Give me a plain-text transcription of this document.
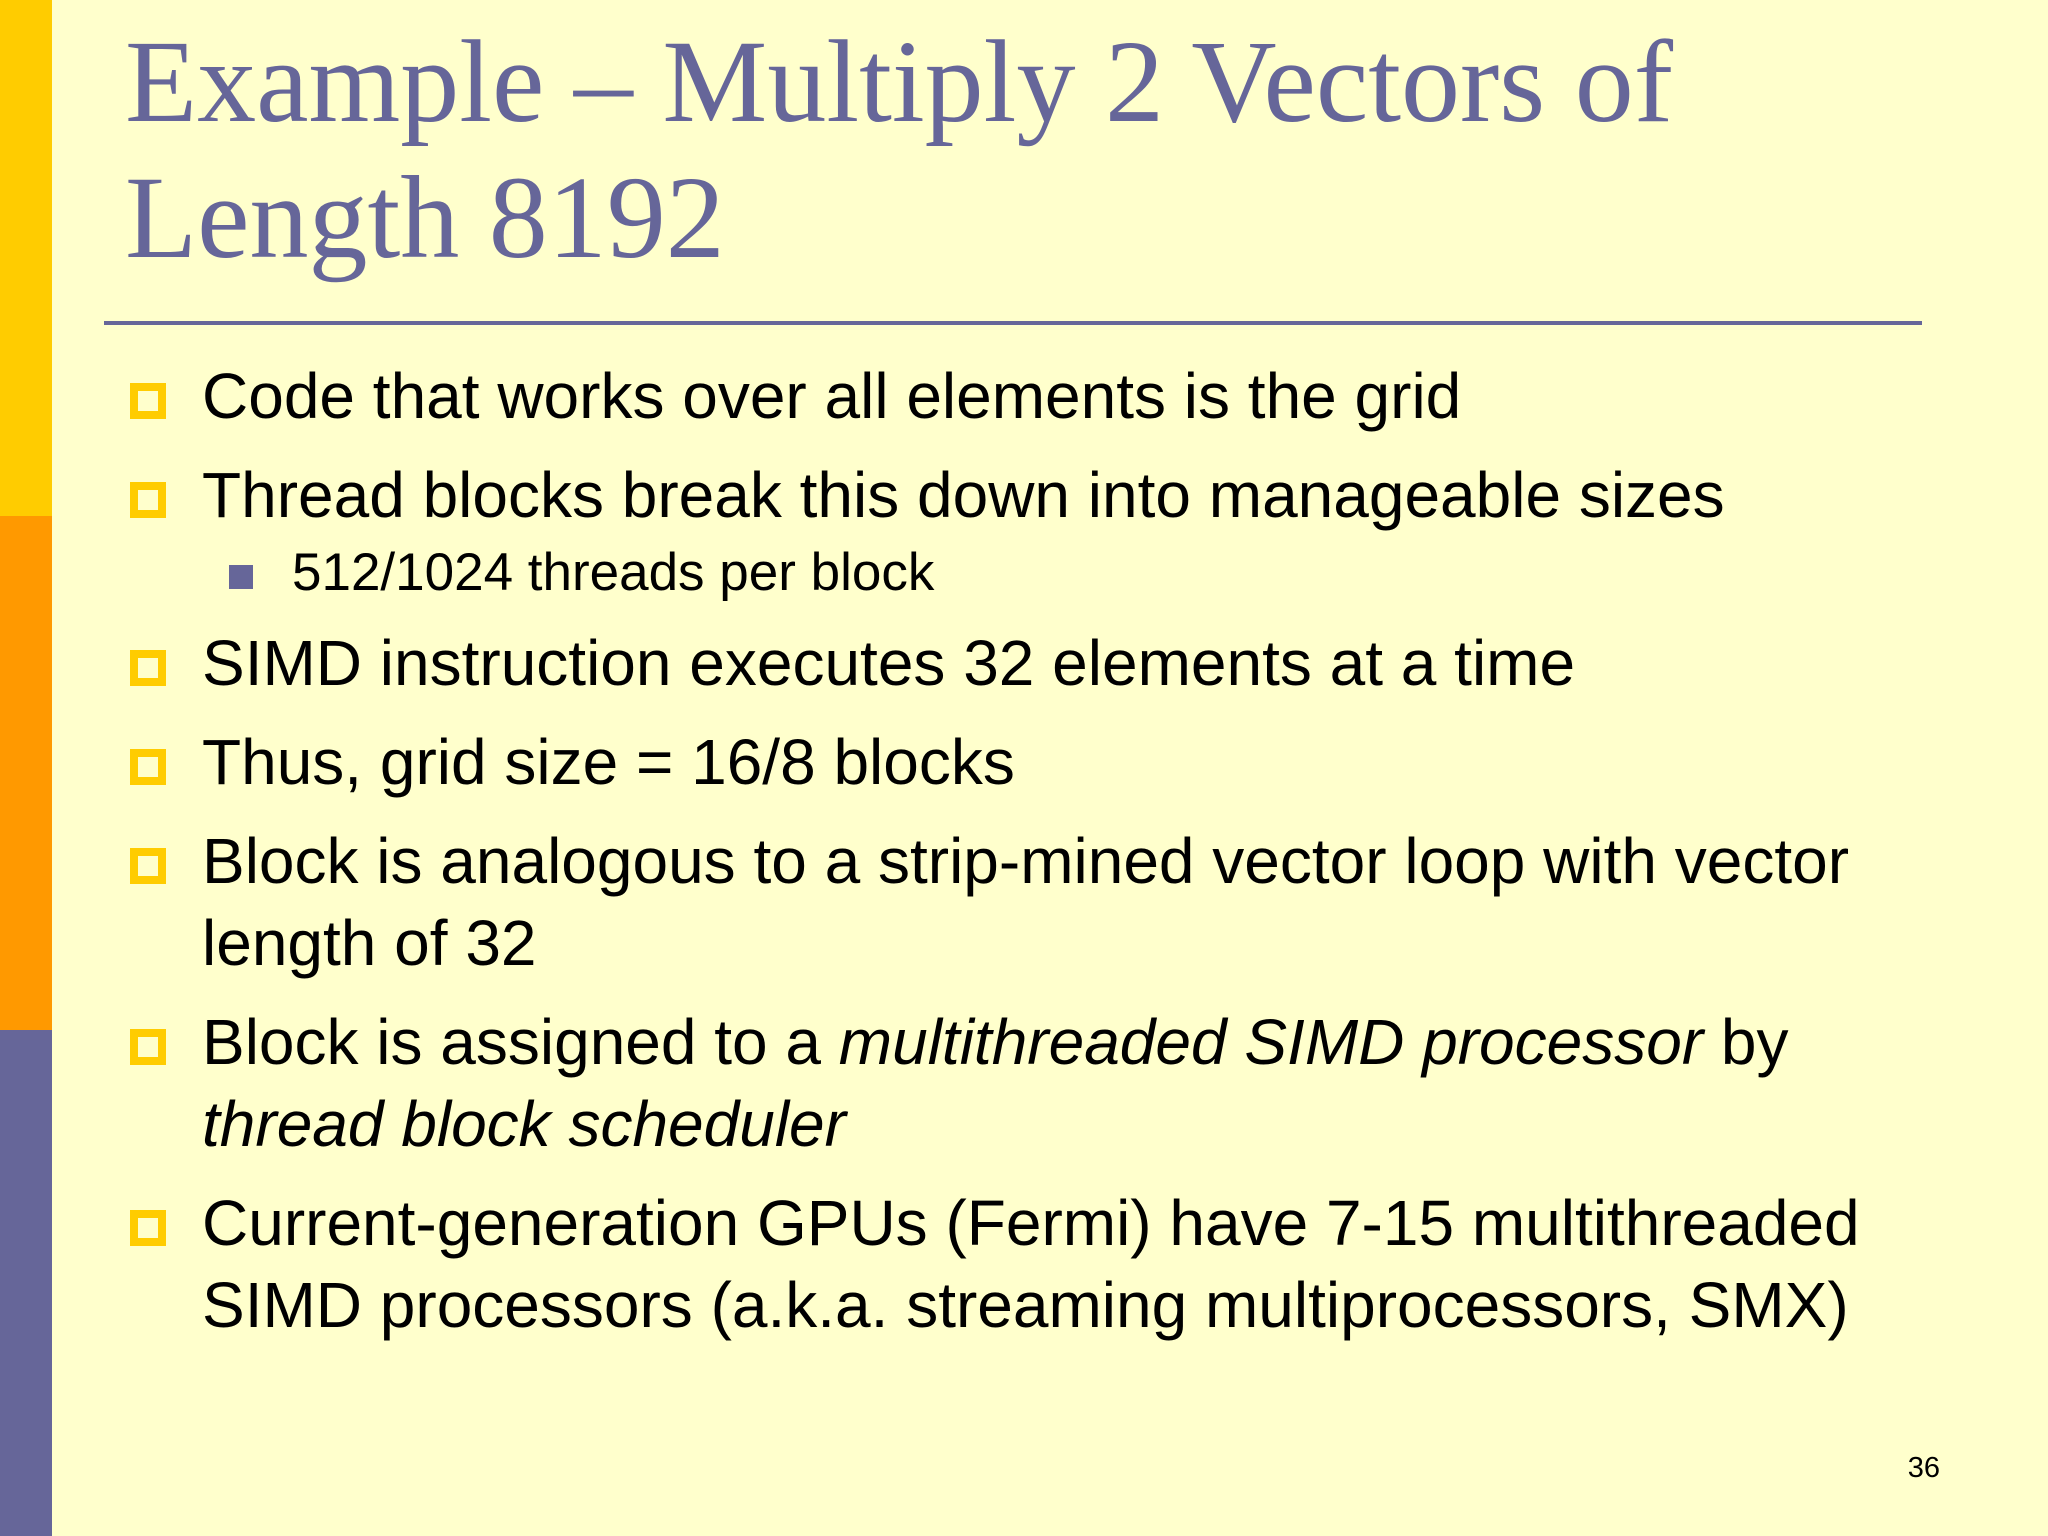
Example – Multiply 2 Vectors of
Length 8192
Code that works over all elements is the grid
Thread blocks break this down into manageable sizes
512/1024 threads per block
SIMD instruction executes 32 elements at a time
Thus, grid size = 16/8 blocks
Block is analogous to a strip-mined vector loop with vector length of 32
Block is assigned to a multithreaded SIMD processor by thread block scheduler
Current-generation GPUs (Fermi) have 7-15 multithreaded SIMD processors (a.k.a. streaming multiprocessors, SMX)
36
